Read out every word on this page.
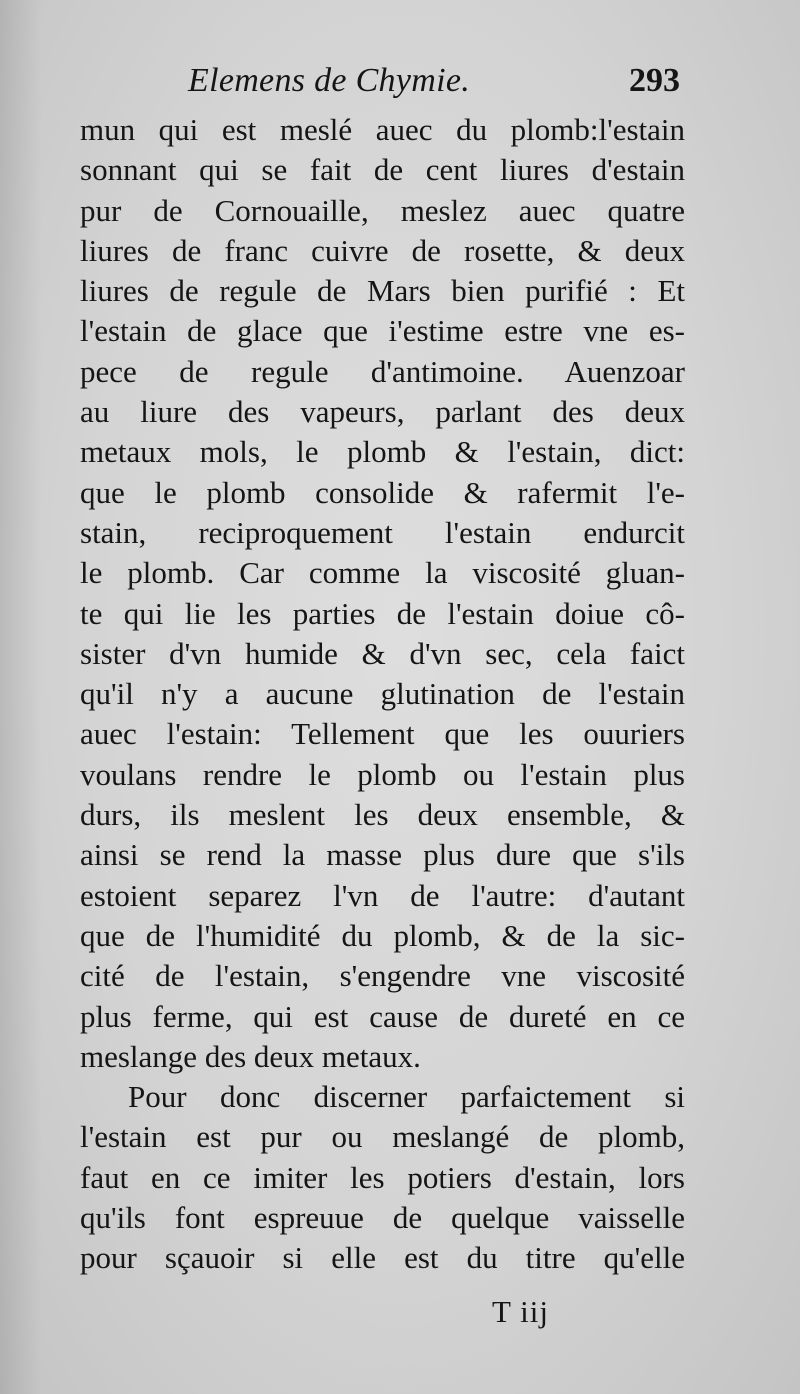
Elemens de Chymie.	293
mun qui est meslé auec du plomb:l'estain
sonnant qui se fait de cent liures d'estain
pur de Cornouaille, meslez auec quatre
liures de franc cuivre de rosette, & deux
liures de regule de Mars bien purifié : Et
l'estain de glace que i'estime estre vne es-
pece de regule d'antimoine. Auenzoar
au liure des vapeurs, parlant des deux
metaux mols, le plomb & l'estain, dict:
que le plomb consolide & rafermit l'e-
stain, reciproquement l'estain endurcit
le plomb. Car comme la viscosité gluan-
te qui lie les parties de l'estain doiue cô-
sister d'vn humide & d'vn sec, cela faict
qu'il n'y a aucune glutination de l'estain
auec l'estain: Tellement que les ouuriers
voulans rendre le plomb ou l'estain plus
durs, ils meslent les deux ensemble, &
ainsi se rend la masse plus dure que s'ils
estoient separez l'vn de l'autre: d'autant
que de l'humidité du plomb, & de la sic-
cité de l'estain, s'engendre vne viscosité
plus ferme, qui est cause de dureté en ce
meslange des deux metaux.
Pour donc discerner parfaictement si
l'estain est pur ou meslangé de plomb,
faut en ce imiter les potiers d'estain, lors
qu'ils font espreuue de quelque vaisselle
pour sçauoir si elle est du titre qu'elle
T iij
